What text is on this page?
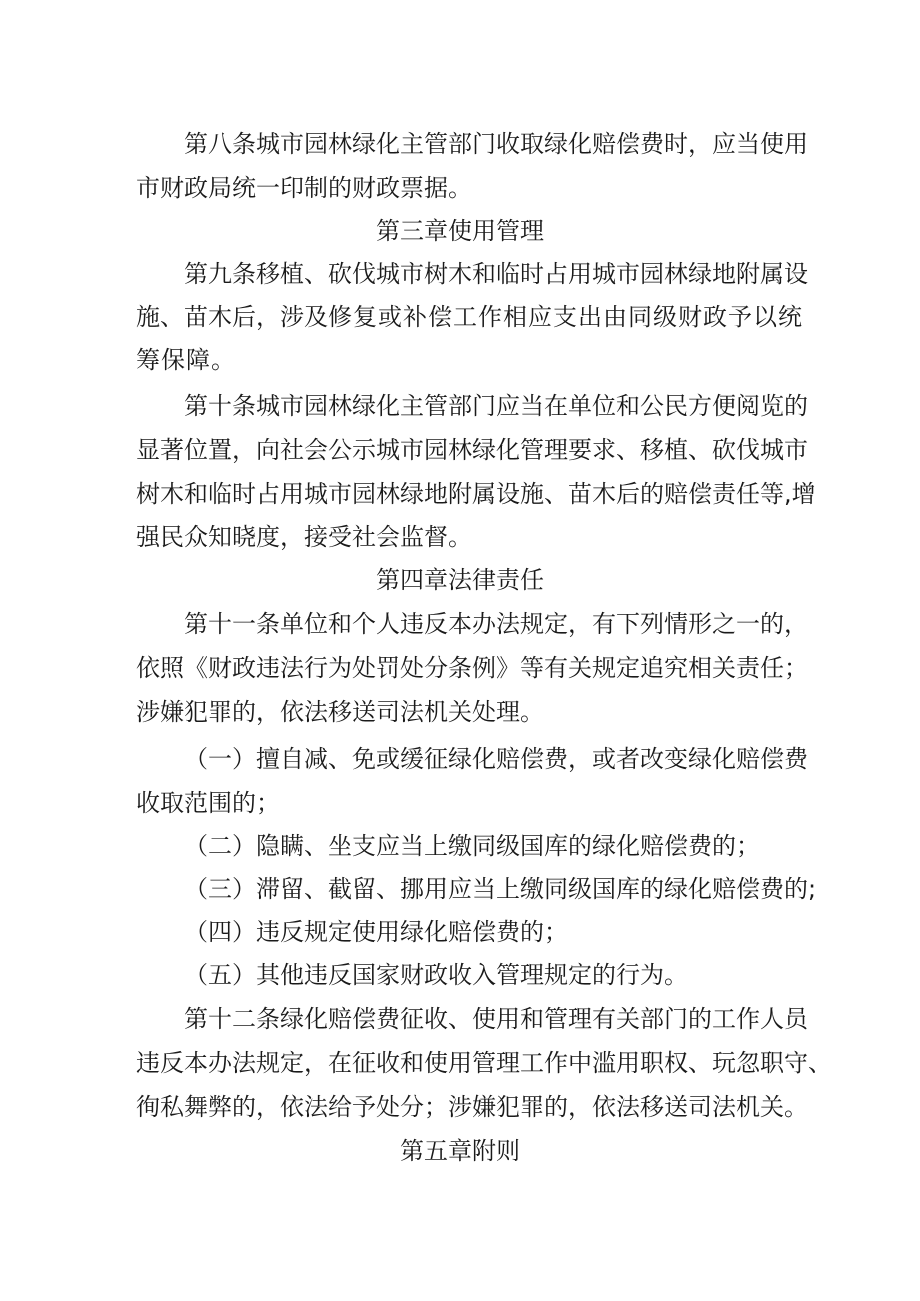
第八条城市园林绿化主管部门收取绿化赔偿费时，应当使用
市财政局统一印制的财政票据。
第三章使用管理
第九条移植、砍伐城市树木和临时占用城市园林绿地附属设
施、苗木后，涉及修复或补偿工作相应支出由同级财政予以统
筹保障。
第十条城市园林绿化主管部门应当在单位和公民方便阅览的
显著位置，向社会公示城市园林绿化管理要求、移植、砍伐城市
树木和临时占用城市园林绿地附属设施、苗木后的赔偿责任等,增
强民众知晓度，接受社会监督。
第四章法律责任
第十一条单位和个人违反本办法规定，有下列情形之一的，
依照《财政违法行为处罚处分条例》等有关规定追究相关责任；
涉嫌犯罪的，依法移送司法机关处理。
（一）擅自减、免或缓征绿化赔偿费，或者改变绿化赔偿费
收取范围的；
（二）隐瞒、坐支应当上缴同级国库的绿化赔偿费的；
（三）滞留、截留、挪用应当上缴同级国库的绿化赔偿费的;
（四）违反规定使用绿化赔偿费的；
（五）其他违反国家财政收入管理规定的行为。
第十二条绿化赔偿费征收、使用和管理有关部门的工作人员
违反本办法规定，在征收和使用管理工作中滥用职权、玩忽职守、
徇私舞弊的，依法给予处分；涉嫌犯罪的，依法移送司法机关。
第五章附则
